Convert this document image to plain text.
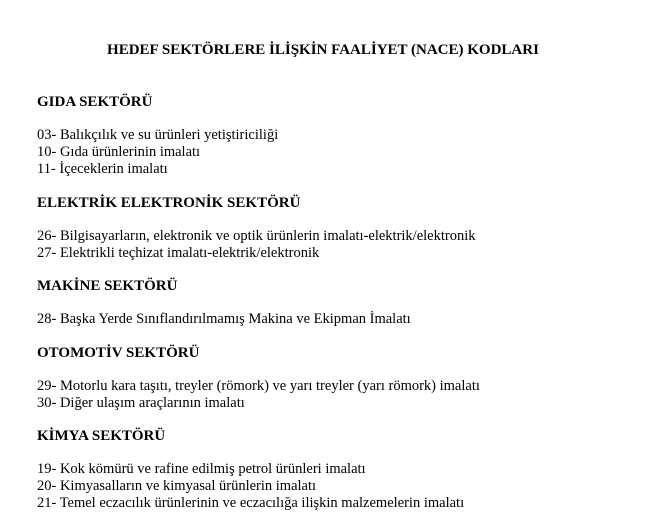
HEDEF SEKTÖRLERE İLİŞKİN FAALİYET (NACE) KODLARI
GIDA SEKTÖRÜ
03- Balıkçılık ve su ürünleri yetiştiriciliği
10- Gıda ürünlerinin imalatı
11- İçeceklerin imalatı
ELEKTRİK ELEKTRONİK SEKTÖRÜ
26- Bilgisayarların, elektronik ve optik ürünlerin imalatı-elektrik/elektronik
27- Elektrikli teçhizat imalatı-elektrik/elektronik
MAKİNE SEKTÖRÜ
28- Başka Yerde Sınıflandırılmamış Makina ve Ekipman İmalatı
OTOMOTİV SEKTÖRÜ
29- Motorlu kara taşıtı, treyler (römork) ve yarı treyler (yarı römork) imalatı
30- Diğer ulaşım araçlarının imalatı
KİMYA SEKTÖRÜ
19- Kok kömürü ve rafine edilmiş petrol ürünleri imalatı
20- Kimyasalların ve kimyasal ürünlerin imalatı
21- Temel eczacılık ürünlerinin ve eczacılığa ilişkin malzemelerin imalatı
